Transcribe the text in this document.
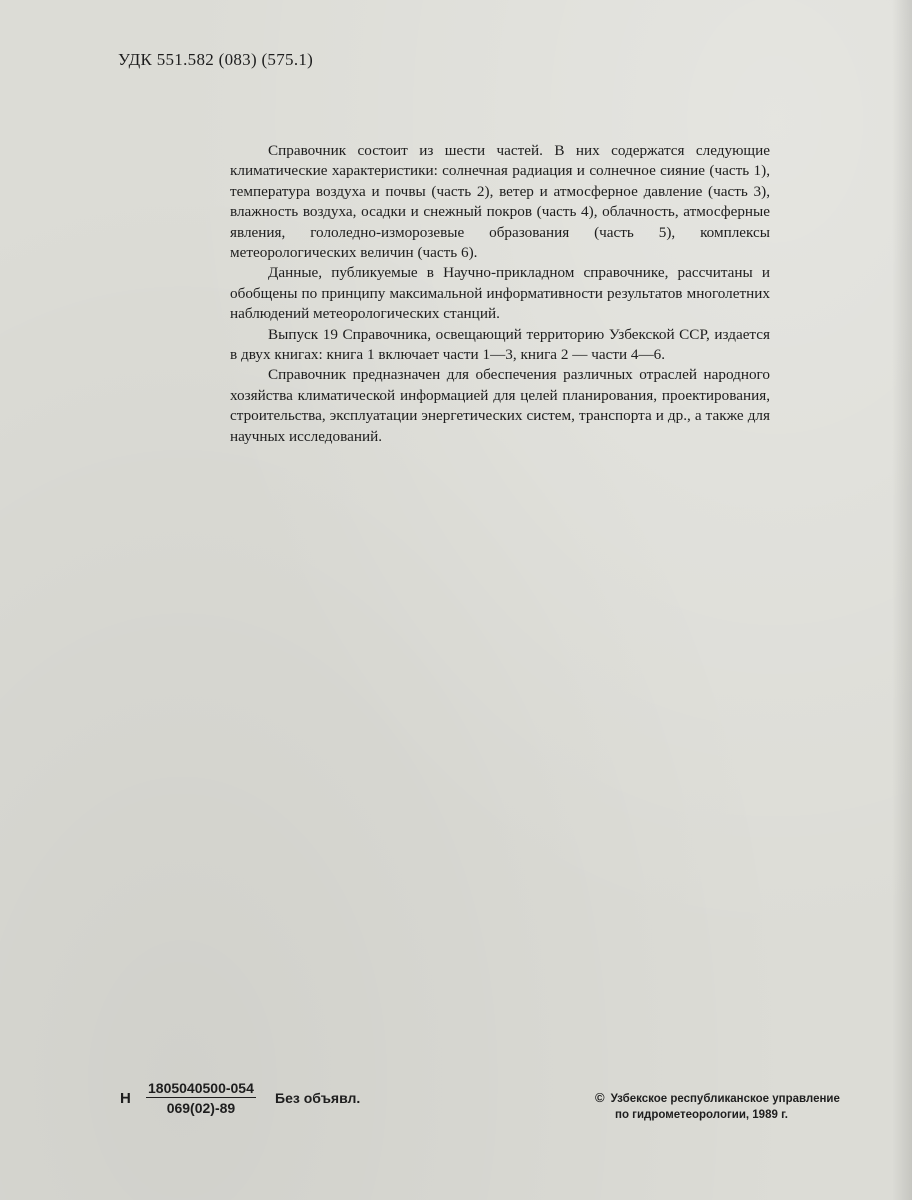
УДК 551.582 (083) (575.1)

Справочник состоит из шести частей. В них содержатся следующие климатические характеристики: солнечная радиация и солнечное сияние (часть 1), температура воздуха и почвы (часть 2), ветер и атмосферное давление (часть 3), влажность воздуха, осадки и снежный покров (часть 4), облачность, атмосферные явления, гололедно-изморозевые образования (часть 5), комплексы метеорологических величин (часть 6).

Данные, публикуемые в Научно-прикладном справочнике, рассчитаны и обобщены по принципу максимальной информативности результатов многолетних наблюдений метеорологических станций.

Выпуск 19 Справочника, освещающий территорию Узбекской ССР, издается в двух книгах: книга 1 включает части 1—3, книга 2 — части 4—6.

Справочник предназначен для обеспечения различных отраслей народного хозяйства климатической информацией для целей планирования, проектирования, строительства, эксплуатации энергетических систем, транспорта и др., а также для научных исследований.

Н $\frac{1805040500-054}{069(02)-89}$ Без объявл.	© Узбекское республиканское управление
по гидрометеорологии, 1989 г.
